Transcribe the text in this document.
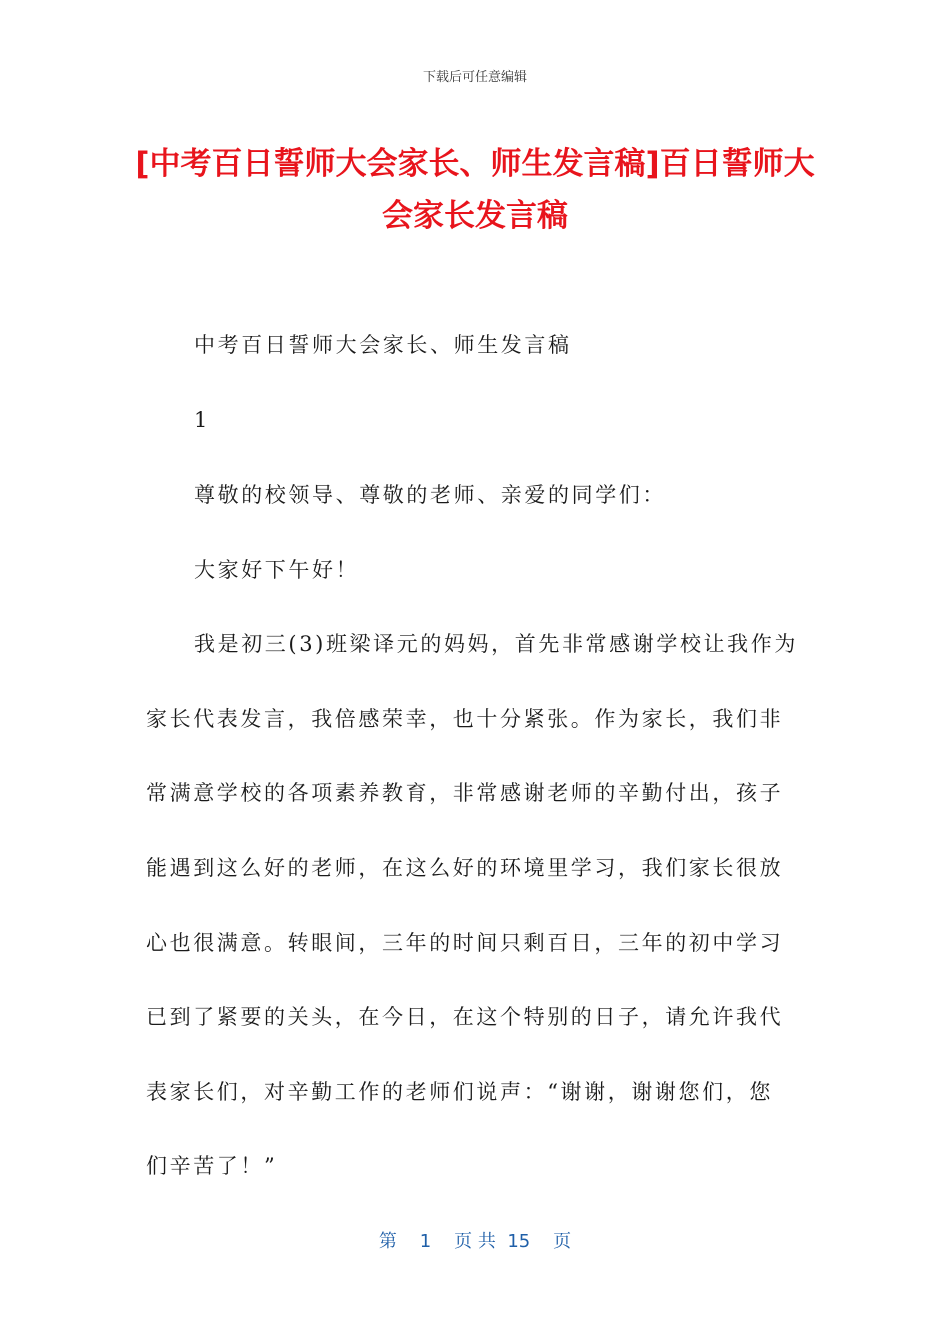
下载后可任意编辑
[中考百日誓师大会家长、师生发言稿]百日誓师大会家长发言稿
中考百日誓师大会家长、师生发言稿
1
尊敬的校领导、尊敬的老师、亲爱的同学们：
大家好下午好！
我是初三(3)班梁译元的妈妈，首先非常感谢学校让我作为
家长代表发言，我倍感荣幸，也十分紧张。作为家长，我们非
常满意学校的各项素养教育，非常感谢老师的辛勤付出，孩子
能遇到这么好的老师，在这么好的环境里学习，我们家长很放
心也很满意。转眼间，三年的时间只剩百日，三年的初中学习
已到了紧要的关头，在今日，在这个特别的日子，请允许我代
表家长们，对辛勤工作的老师们说声：“谢谢，谢谢您们，您
们辛苦了！”
第 1 页 共 15 页
